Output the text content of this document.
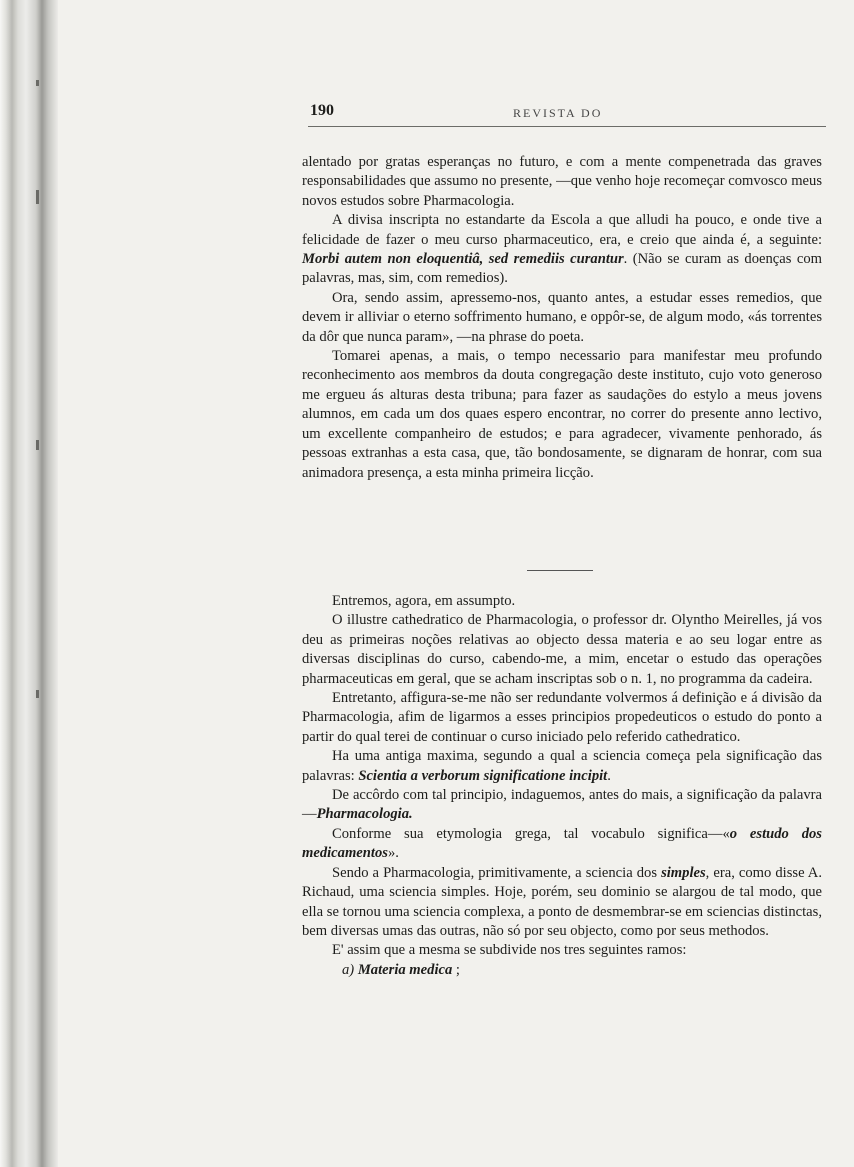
190	REVISTA DO

alentado por gratas esperanças no futuro, e com a mente compenetrada das graves responsabilidades que assumo no presente, —que venho hoje recomeçar comvosco meus novos estudos sobre Pharmacologia.

A divisa inscripta no estandarte da Escola a que alludi ha pouco, e onde tive a felicidade de fazer o meu curso pharmaceutico, era, e creio que ainda é, a seguinte: Morbi autem non eloquentiâ, sed remediis curantur. (Não se curam as doenças com palavras, mas, sim, com remedios).

Ora, sendo assim, apressemo-nos, quanto antes, a estudar esses remedios, que devem ir alliviar o eterno soffrimento humano, e oppôr-se, de algum modo, «ás torrentes da dôr que nunca param», —na phrase do poeta.

Tomarei apenas, a mais, o tempo necessario para manifestar meu profundo reconhecimento aos membros da douta congregação deste instituto, cujo voto generoso me ergueu ás alturas desta tribuna; para fazer as saudações do estylo a meus jovens alumnos, em cada um dos quaes espero encontrar, no correr do presente anno lectivo, um excellente companheiro de estudos; e para agradecer, vivamente penhorado, ás pessoas extranhas a esta casa, que, tão bondosamente, se dignaram de honrar, com sua animadora presença, a esta minha primeira licção.

Entremos, agora, em assumpto.

O illustre cathedratico de Pharmacologia, o professor dr. Olyntho Meirelles, já vos deu as primeiras noções relativas ao objecto dessa materia e ao seu logar entre as diversas disciplinas do curso, cabendo-me, a mim, encetar o estudo das operações pharmaceuticas em geral, que se acham inscriptas sob o n. 1, no programma da cadeira.

Entretanto, affigura-se-me não ser redundante volvermos á definição e á divisão da Pharmacologia, afim de ligarmos a esses principios propedeuticos o estudo do ponto a partir do qual terei de continuar o curso iniciado pelo referido cathedratico.

Ha uma antiga maxima, segundo a qual a sciencia começa pela significação das palavras: Scientia a verborum significatione incipit.

De accôrdo com tal principio, indaguemos, antes do mais, a significação da palavra—Pharmacologia.

Conforme sua etymologia grega, tal vocabulo significa—«o estudo dos medicamentos».

Sendo a Pharmacologia, primitivamente, a sciencia dos simples, era, como disse A. Richaud, uma sciencia simples. Hoje, porém, seu dominio se alargou de tal modo, que ella se tornou uma sciencia complexa, a ponto de desmembrar-se em sciencias distinctas, bem diversas umas das outras, não só por seu objecto, como por seus methodos.

E' assim que a mesma se subdivide nos tres seguintes ramos:

a) Materia medica ;
